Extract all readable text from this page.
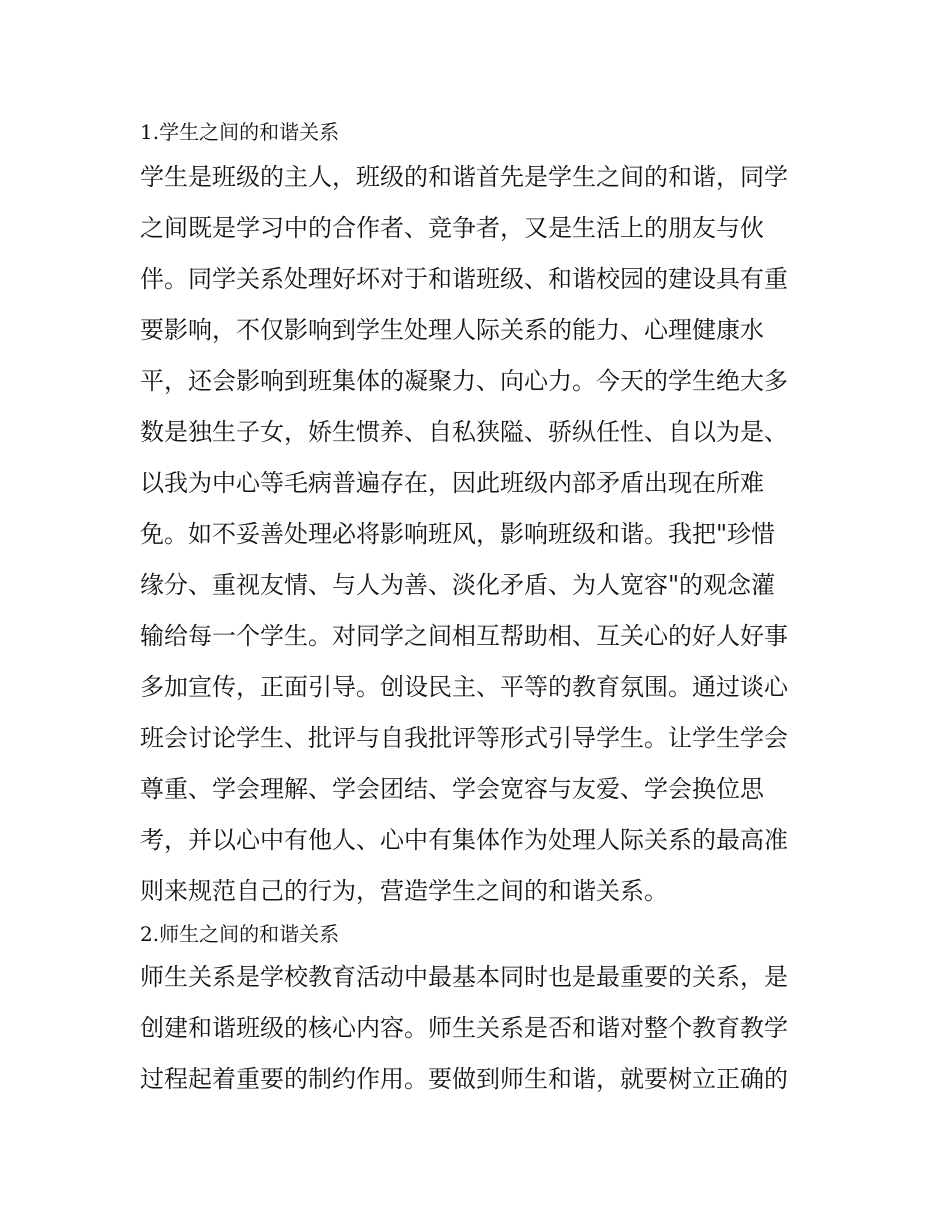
1.学生之间的和谐关系
学生是班级的主人，班级的和谐首先是学生之间的和谐，同学
之间既是学习中的合作者、竞争者，又是生活上的朋友与伙
伴。同学关系处理好坏对于和谐班级、和谐校园的建设具有重
要影响，不仅影响到学生处理人际关系的能力、心理健康水
平，还会影响到班集体的凝聚力、向心力。今天的学生绝大多
数是独生子女，娇生惯养、自私狭隘、骄纵任性、自以为是、
以我为中心等毛病普遍存在，因此班级内部矛盾出现在所难
免。如不妥善处理必将影响班风，影响班级和谐。我把"珍惜
缘分、重视友情、与人为善、淡化矛盾、为人宽容"的观念灌
输给每一个学生。对同学之间相互帮助相、互关心的好人好事
多加宣传，正面引导。创设民主、平等的教育氛围。通过谈心
班会讨论学生、批评与自我批评等形式引导学生。让学生学会
尊重、学会理解、学会团结、学会宽容与友爱、学会换位思
考，并以心中有他人、心中有集体作为处理人际关系的最高准
则来规范自己的行为，营造学生之间的和谐关系。
2.师生之间的和谐关系
师生关系是学校教育活动中最基本同时也是最重要的关系，是
创建和谐班级的核心内容。师生关系是否和谐对整个教育教学
过程起着重要的制约作用。要做到师生和谐，就要树立正确的
